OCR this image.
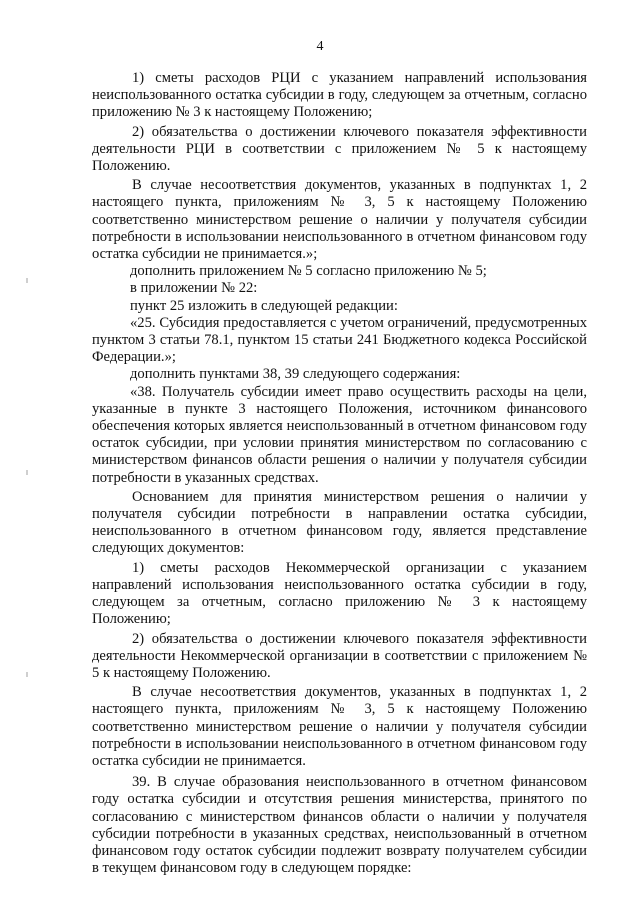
4

1) сметы расходов РЦИ с указанием направлений использования неиспользованного остатка субсидии в году, следующем за отчетным, согласно приложению № 3 к настоящему Положению;

2) обязательства о достижении ключевого показателя эффективности деятельности РЦИ в соответствии с приложением № 5 к настоящему Положению.

В случае несоответствия документов, указанных в подпунктах 1, 2 настоящего пункта, приложениям № 3, 5 к настоящему Положению соответственно министерством решение о наличии у получателя субсидии потребности в использовании неиспользованного в отчетном финансовом году остатка субсидии не принимается.»;

дополнить приложением № 5 согласно приложению № 5;

в приложении № 22:

пункт 25 изложить в следующей редакции:

«25. Субсидия предоставляется с учетом ограничений, предусмотренных пунктом 3 статьи 78.1, пунктом 15 статьи 241 Бюджетного кодекса Российской Федерации.»;

дополнить пунктами 38, 39 следующего содержания:

«38. Получатель субсидии имеет право осуществить расходы на цели, указанные в пункте 3 настоящего Положения, источником финансового обеспечения которых является неиспользованный в отчетном финансовом году остаток субсидии, при условии принятия министерством по согласованию с министерством финансов области решения о наличии у получателя субсидии потребности в указанных средствах.

Основанием для принятия министерством решения о наличии у получателя субсидии потребности в направлении остатка субсидии, неиспользованного в отчетном финансовом году, является представление следующих документов:

1) сметы расходов Некоммерческой организации с указанием направлений использования неиспользованного остатка субсидии в году, следующем за отчетным, согласно приложению № 3 к настоящему Положению;

2) обязательства о достижении ключевого показателя эффективности деятельности Некоммерческой организации в соответствии с приложением № 5 к настоящему Положению.

В случае несоответствия документов, указанных в подпунктах 1, 2 настоящего пункта, приложениям № 3, 5 к настоящему Положению соответственно министерством решение о наличии у получателя субсидии потребности в использовании неиспользованного в отчетном финансовом году остатка субсидии не принимается.

39. В случае образования неиспользованного в отчетном финансовом году остатка субсидии и отсутствия решения министерства, принятого по согласованию с министерством финансов области о наличии у получателя субсидии потребности в указанных средствах, неиспользованный в отчетном финансовом году остаток субсидии подлежит возврату получателем субсидии в текущем финансовом году в следующем порядке:
